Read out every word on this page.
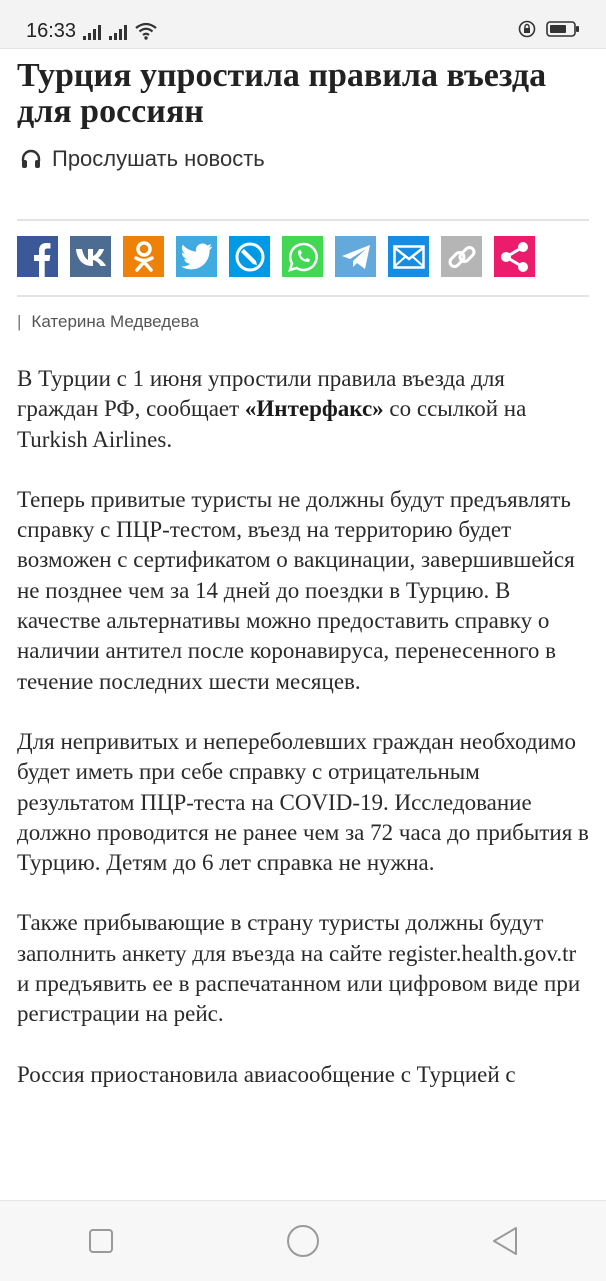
16:33
Турция упростила правила въезда для россиян
Прослушать новость
| Катерина Медведева

В Турции с 1 июня упростили правила въезда для граждан РФ, сообщает «Интерфакс» со ссылкой на Turkish Airlines.

Теперь привитые туристы не должны будут предъявлять справку с ПЦР-тестом, въезд на территорию будет возможен с сертификатом о вакцинации, завершившейся не позднее чем за 14 дней до поездки в Турцию. В качестве альтернативы можно предоставить справку о наличии антител после коронавируса, перенесенного в течение последних шести месяцев.

Для непривитых и непереболевших граждан необходимо будет иметь при себе справку с отрицательным результатом ПЦР-теста на COVID-19. Исследование должно проводится не ранее чем за 72 часа до прибытия в Турцию. Детям до 6 лет справка не нужна.

Также прибывающие в страну туристы должны будут заполнить анкету для въезда на сайте register.health.gov.tr и предъявить ее в распечатанном или цифровом виде при регистрации на рейс.

Россия приостановила авиасообщение с Турцией с
